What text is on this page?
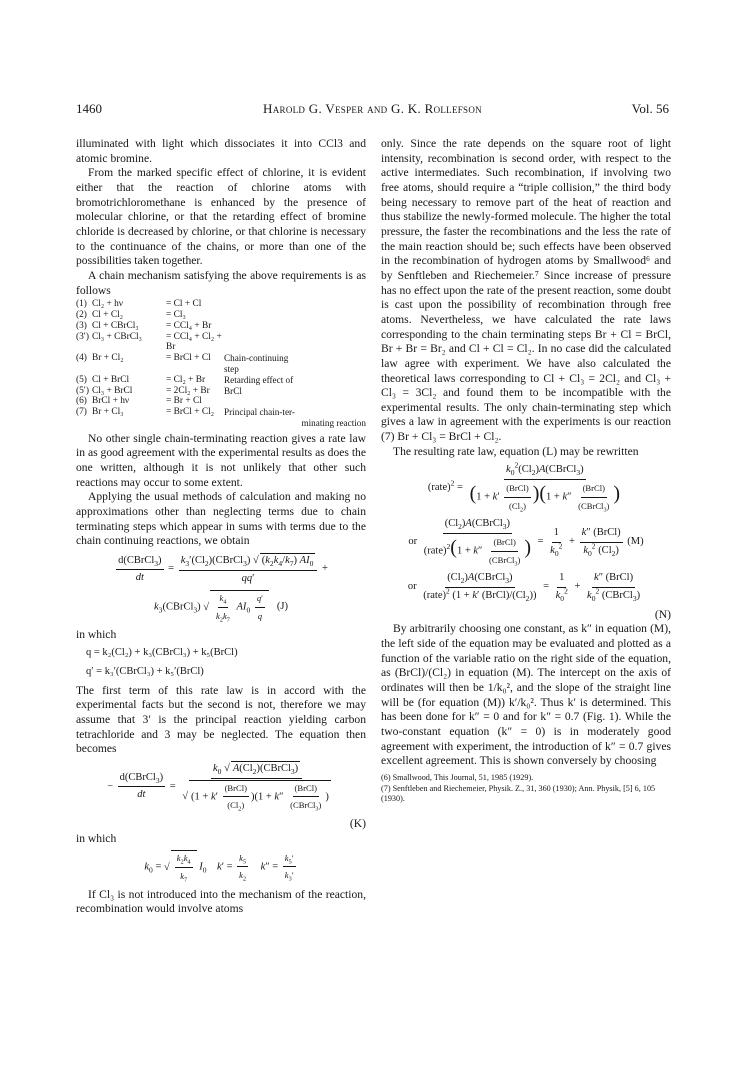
1460	Harold G. Vesper and G. K. Rollefson	Vol. 56

illuminated with light which dissociates it into CCl3 and atomic bromine.

From the marked specific effect of chlorine, it is evident either that the reaction of chlorine atoms with bromotrichloromethane is enhanced by the presence of molecular chlorine, or that the retarding effect of bromine chloride is decreased by chlorine, or that chlorine is necessary to the continuance of the chains, or more than one of the possibilities taken together.

A chain mechanism satisfying the above requirements is as follows

(1) Cl₂ + hν	= Cl + Cl
(2) Cl + Cl₂	= Cl₃
(3) Cl + CBrCl₃	= CCl₄ + Br
(3′) Cl₃ + CBrCl₃	= CCl₄ + Cl₂ + Br
(4) Br + Cl₂	= BrCl + Cl	Chain-continuing
step
(5) Cl + BrCl	= Cl₂ + Br	Retarding effect of
(5′) Cl₃ + BrCl	= 2Cl₂ + Br	BrCl
(6) BrCl + hν	= Br + Cl
(7) Br + Cl₃	= BrCl + Cl₂	Principal chain-ter-
minating reaction

No other single chain-terminating reaction gives a rate law in as good agreement with the experimental results as does the one written, although it is not unlikely that other such reactions may occur to some extent.

Applying the usual methods of calculation and making no approximations other than neglecting terms due to chain terminating steps which appear in sums with terms due to the chain continuing reactions, we obtain

$\frac{d(CBrCl_3)}{dt} = \frac{k_3'(Cl_2)(CBrCl_3) √ (k_2k_4/k_7) AI_0}{qq'}$ +
$k_3(CBrCl_3)$ √ $\frac{k_4}{k_2k_7} AI_0 \frac{q'}{q}$
(J)

in which

q = k₂(Cl₂) + k₃(CBrCl₃) + k₅(BrCl)
q′ = k₃′(CBrCl₃) + k₅′(BrCl)

The first term of this rate law is in accord with the experimental facts but the second is not, therefore we may assume that 3′ is the principal reaction yielding carbon tetrachloride and 3 may be neglected. The equation then becomes

− $\frac{d(CBrCl_3)}{dt} = k_0$ √ $A(Cl_2)(CBrCl_3)$
√ $(1 + k' \frac{\text{(BrCl)}}{(Cl_2)} )(1 + k'' \frac{\text{(BrCl)}}{(CBrCl_3)}$ )
(K)

in which

$k_0$ = √ $\frac{k_2k_4}{k_7} I_0$	$k' = \frac{k_5}{k_2}$	$k'' = \frac{k_5'}{k_3'}$

If Cl₃ is not introduced into the mechanism of the reaction, recombination would involve atoms

only. Since the rate depends on the square root of light intensity, recombination is second order, with respect to the active intermediates. Such recombination, if involving two free atoms, should require a “triple collision,” the third body being necessary to remove part of the heat of reaction and thus stabilize the newly-formed molecule. The higher the total pressure, the faster the recombinations and the less the rate of the main reaction should be; such effects have been observed in the recombination of hydrogen atoms by Smallwood⁶ and by Senftleben and Riechemeier.⁷ Since increase of pressure has no effect upon the rate of the present reaction, some doubt is cast upon the possibility of recombination through free atoms. Nevertheless, we have calculated the rate laws corresponding to the chain terminating steps Br + Cl = BrCl, Br + Br = Br₂ and Cl + Cl = Cl₂. In no case did the calculated law agree with experiment. We have also calculated the theoretical laws corresponding to Cl + Cl₃ = 2Cl₂ and Cl₃ + Cl₃ = 3Cl₂ and found them to be incompatible with the experimental results. The only chain-terminating step which gives a law in agreement with the experiments is our reaction (7) Br + Cl₃ = BrCl + Cl₂.

The resulting rate law, equation (L) may be rewritten

(rate)$^2$ = $\frac{k_0^2(Cl_2)A(CBrCl_3)}{(1 + k' \frac{\text{(BrCl)}}{(Cl_2)} )(1 + k'' \frac{\text{(BrCl)}}{(CBrCl_3)} )}$
or $\frac{(Cl_2)A(CBrCl_3)}{(rate)^2(1 + k'' \frac{\text{(BrCl)}}{(CBrCl_3)} )} = \frac{1}{k_0^2} + \frac{\text{k″ (BrCl)}}{k_0^2 (Cl_2)}$
(M)
or $\frac{(Cl_2)A(CBrCl_3)}{(rate)^2 (1 + k' (BrCl)/(Cl_2))} = \frac{1}{k_0^2} + \frac{\text{k″ (BrCl)}}{k_0^2 (CBrCl_3)}$
(N)

By arbitrarily choosing one constant, as k″ in equation (M), the left side of the equation may be evaluated and plotted as a function of the variable ratio on the right side of the equation, as (BrCl)/(Cl₂) in equation (M). The intercept on the axis of ordinates will then be 1/k₀², and the slope of the straight line will be (for equation (M)) k′/k₀². Thus k′ is determined. This has been done for k″ = 0 and for k″ = 0.7 (Fig. 1). While the two-constant equation (k″ = 0) is in moderately good agreement with experiment, the introduction of k″ = 0.7 gives excellent agreement. This is shown conversely by choosing

(6) Smallwood, This Journal, 51, 1985 (1929).
(7) Senftleben and Riechemeier, Physik. Z., 31, 360 (1930); Ann. Physik, [5] 6, 105 (1930).
